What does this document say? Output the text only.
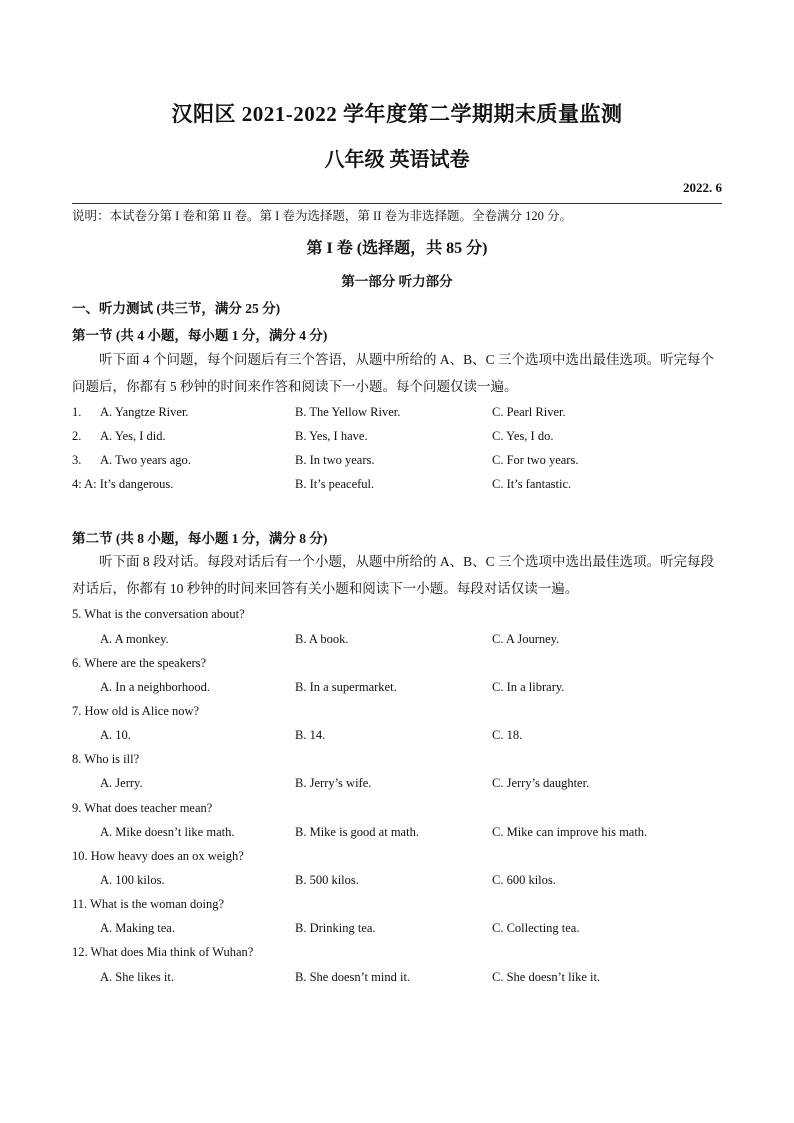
汉阳区 2021-2022 学年度第二学期期末质量监测
八年级 英语试卷
2022. 6
说明：本试卷分第 I 卷和第 II 卷。第 I 卷为选择题，第 II 卷为非选择题。全卷满分 120 分。
第 I 卷 (选择题，共 85 分)
第一部分 听力部分
一、听力测试 (共三节，满分 25 分)
第一节 (共 4 小题，每小题 1 分，满分 4 分)
听下面 4 个问题，每个问题后有三个答语，从题中所给的 A、B、C 三个选项中选出最佳选项。听完每个问题后，你都有 5 秒钟的时间来作答和阅读下一小题。每个问题仅读一遍。
1. A. Yangtze River.	B. The Yellow River.	C. Pearl River.
2. A. Yes, I did.	B. Yes, I have.	C. Yes, I do.
3. A. Two years ago.	B. In two years.	C. For two years.
4: A: It’s dangerous.	B. It’s peaceful.	C. It’s fantastic.
第二节 (共 8 小题，每小题 1 分，满分 8 分)
听下面 8 段对话。每段对话后有一个小题，从题中所给的 A、B、C 三个选项中选出最佳选项。听完每段对话后，你都有 10 秒钟的时间来回答有关小题和阅读下一小题。每段对话仅读一遍。
5. What is the conversation about?
A. A monkey.	B. A book.	C. A Journey.
6. Where are the speakers?
A. In a neighborhood.	B. In a supermarket.	C. In a library.
7. How old is Alice now?
A. 10.	B. 14.	C. 18.
8. Who is ill?
A. Jerry.	B. Jerry’s wife.	C. Jerry’s daughter.
9. What does teacher mean?
A. Mike doesn’t like math.	B. Mike is good at math.	C. Mike can improve his math.
10. How heavy does an ox weigh?
A. 100 kilos.	B. 500 kilos.	C. 600 kilos.
11. What is the woman doing?
A. Making tea.	B. Drinking tea.	C. Collecting tea.
12. What does Mia think of Wuhan?
A. She likes it.	B. She doesn’t mind it.	C. She doesn’t like it.
